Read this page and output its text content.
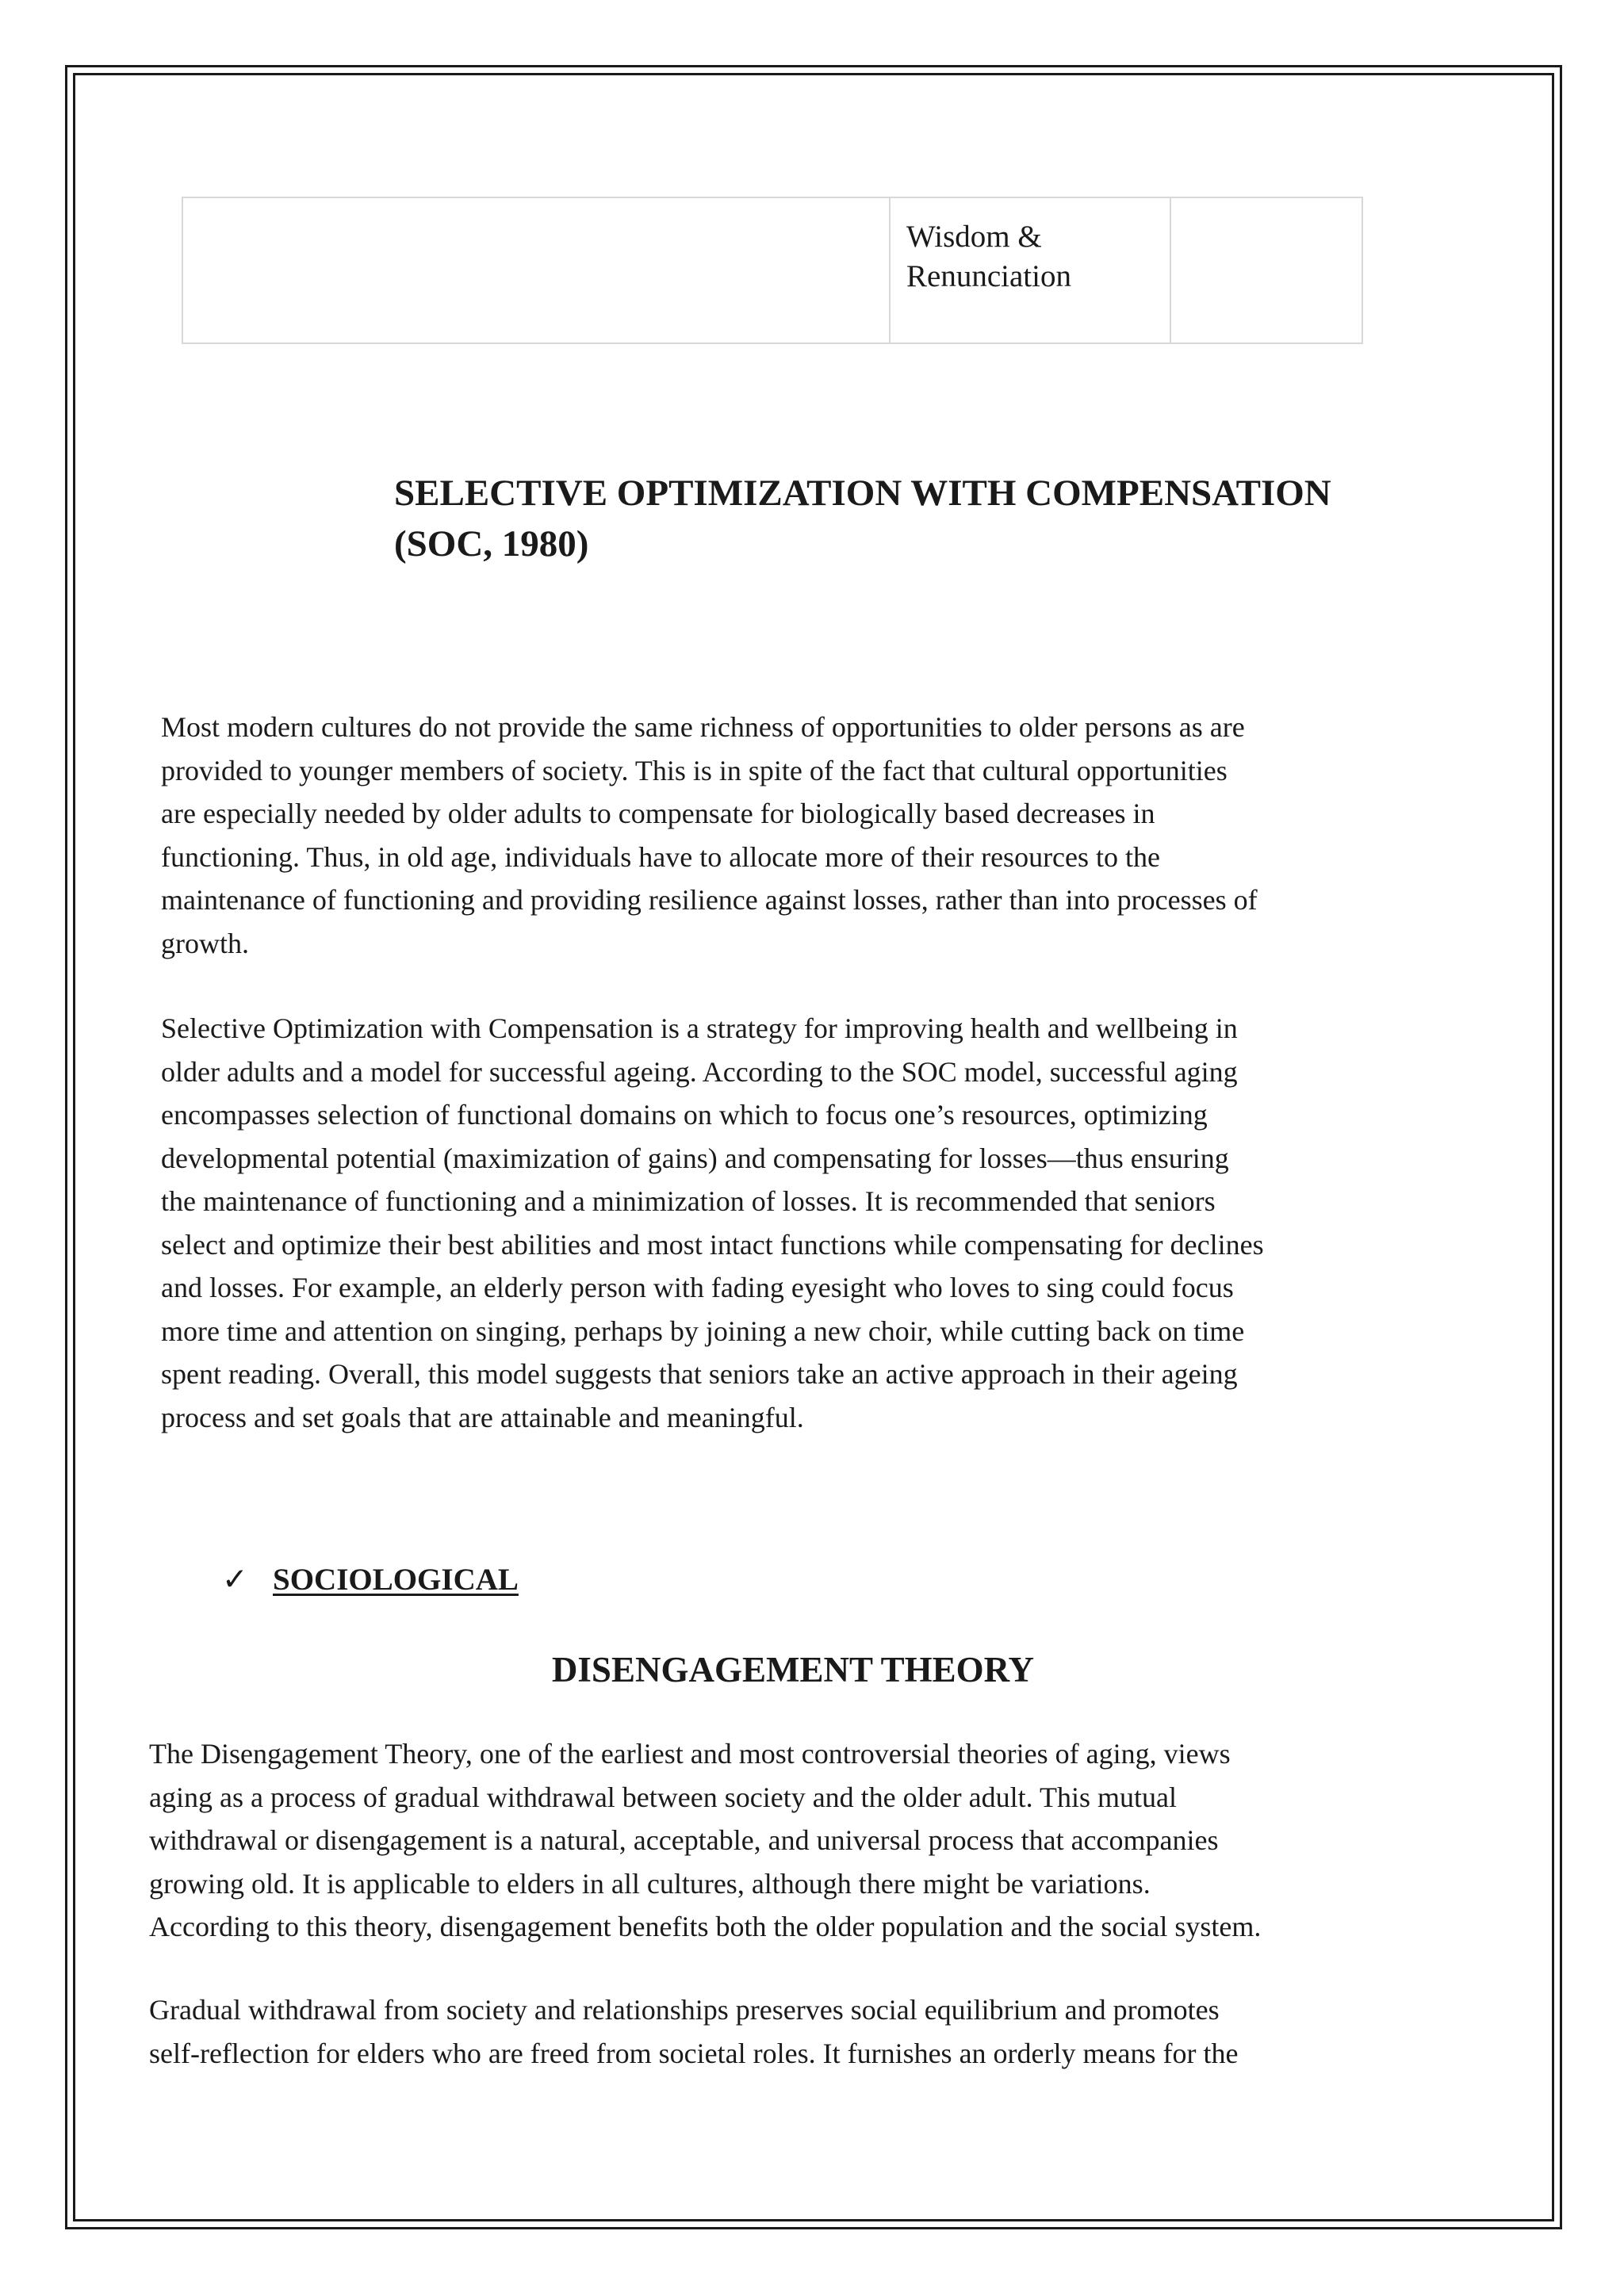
	Wisdom & Renunciation	
SELECTIVE OPTIMIZATION WITH COMPENSATION
(SOC, 1980)
Most modern cultures do not provide the same richness of opportunities to older persons as are
provided to younger members of society. This is in spite of the fact that cultural opportunities
are especially needed by older adults to compensate for biologically based decreases in
functioning. Thus, in old age, individuals have to allocate more of their resources to the
maintenance of functioning and providing resilience against losses, rather than into processes of
growth.
Selective Optimization with Compensation is a strategy for improving health and wellbeing in
older adults and a model for successful ageing. According to the SOC model, successful aging
encompasses selection of functional domains on which to focus one’s resources, optimizing
developmental potential (maximization of gains) and compensating for losses—thus ensuring
the maintenance of functioning and a minimization of losses. It is recommended that seniors
select and optimize their best abilities and most intact functions while compensating for declines
and losses. For example, an elderly person with fading eyesight who loves to sing could focus
more time and attention on singing, perhaps by joining a new choir, while cutting back on time
spent reading. Overall, this model suggests that seniors take an active approach in their ageing
process and set goals that are attainable and meaningful.
✓ SOCIOLOGICAL
DISENGAGEMENT THEORY
The Disengagement Theory, one of the earliest and most controversial theories of aging, views
aging as a process of gradual withdrawal between society and the older adult. This mutual
withdrawal or disengagement is a natural, acceptable, and universal process that accompanies
growing old. It is applicable to elders in all cultures, although there might be variations.
According to this theory, disengagement benefits both the older population and the social system.
Gradual withdrawal from society and relationships preserves social equilibrium and promotes
self-reflection for elders who are freed from societal roles. It furnishes an orderly means for the
